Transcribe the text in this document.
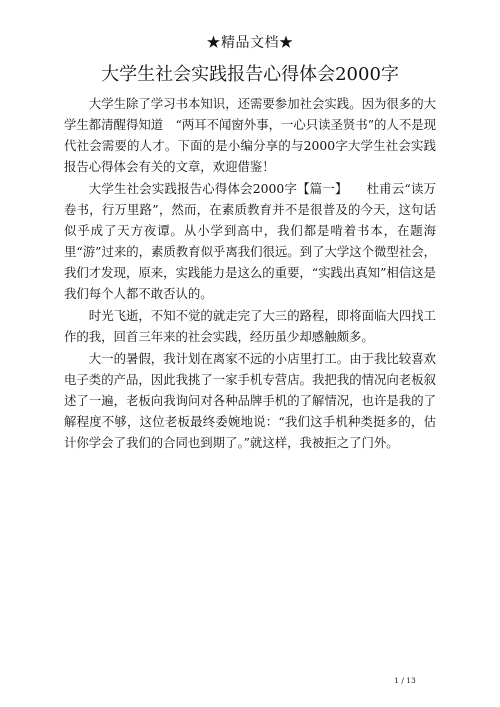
★精品文档★
大学生社会实践报告心得体会2000字

大学生除了学习书本知识，还需要参加社会实践。因为很多的大学生都清醒得知道　“两耳不闻窗外事，一心只读圣贤书”的人不是现代社会需要的人才。下面的是小编分享的与2000字大学生社会实践报告心得体会有关的文章，欢迎借鉴！

大学生社会实践报告心得体会2000字【篇一】　　杜甫云“读万卷书，行万里路”，然而，在素质教育并不是很普及的今天，这句话似乎成了天方夜谭。从小学到高中，我们都是啃着书本，在题海里“游”过来的，素质教育似乎离我们很远。到了大学这个微型社会，我们才发现，原来，实践能力是这么的重要，“实践出真知”相信这是我们每个人都不敢否认的。

时光飞逝，不知不觉的就走完了大三的路程，即将面临大四找工作的我，回首三年来的社会实践，经历虽少却感触颇多。

大一的暑假，我计划在离家不远的小店里打工。由于我比较喜欢电子类的产品，因此我挑了一家手机专营店。我把我的情况向老板叙述了一遍，老板向我询问对各种品牌手机的了解情况，也许是我的了解程度不够，这位老板最终委婉地说：“我们这手机种类挺多的，估计你学会了我们的合同也到期了。”就这样，我被拒之了门外。

1 / 13
